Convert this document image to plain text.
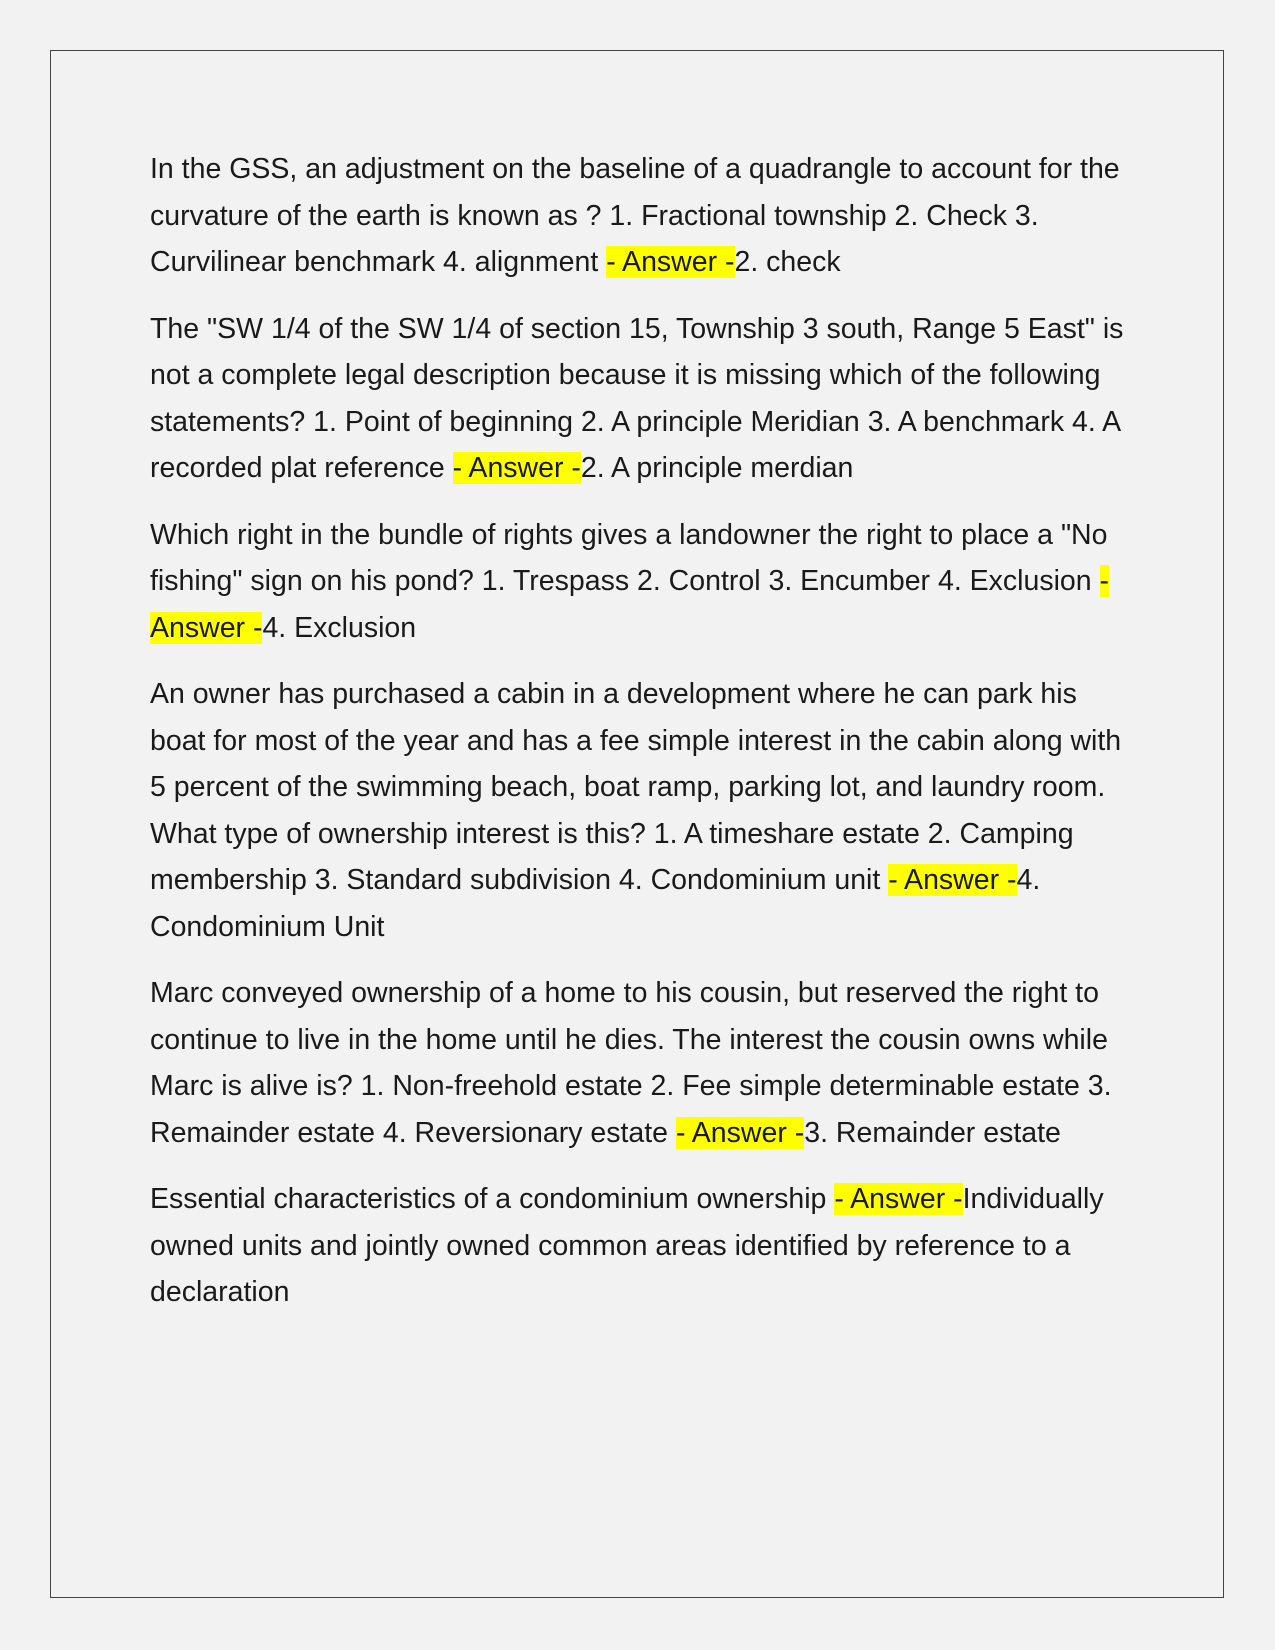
In the GSS, an adjustment on the baseline of a quadrangle to account for the curvature of the earth is known as ? 1. Fractional township 2. Check 3. Curvilinear benchmark 4. alignment - Answer -2. check

The "SW 1/4 of the SW 1/4 of section 15, Township 3 south, Range 5 East" is not a complete legal description because it is missing which of the following statements? 1. Point of beginning 2. A principle Meridian 3. A benchmark 4. A recorded plat reference - Answer -2. A principle merdian

Which right in the bundle of rights gives a landowner the right to place a "No fishing" sign on his pond? 1. Trespass 2. Control 3. Encumber 4. Exclusion - Answer -4. Exclusion

An owner has purchased a cabin in a development where he can park his boat for most of the year and has a fee simple interest in the cabin along with 5 percent of the swimming beach, boat ramp, parking lot, and laundry room. What type of ownership interest is this? 1. A timeshare estate 2. Camping membership 3. Standard subdivision 4. Condominium unit - Answer -4. Condominium Unit

Marc conveyed ownership of a home to his cousin, but reserved the right to continue to live in the home until he dies. The interest the cousin owns while Marc is alive is? 1. Non-freehold estate 2. Fee simple determinable estate 3. Remainder estate 4. Reversionary estate - Answer -3. Remainder estate

Essential characteristics of a condominium ownership - Answer -Individually owned units and jointly owned common areas identified by reference to a declaration
